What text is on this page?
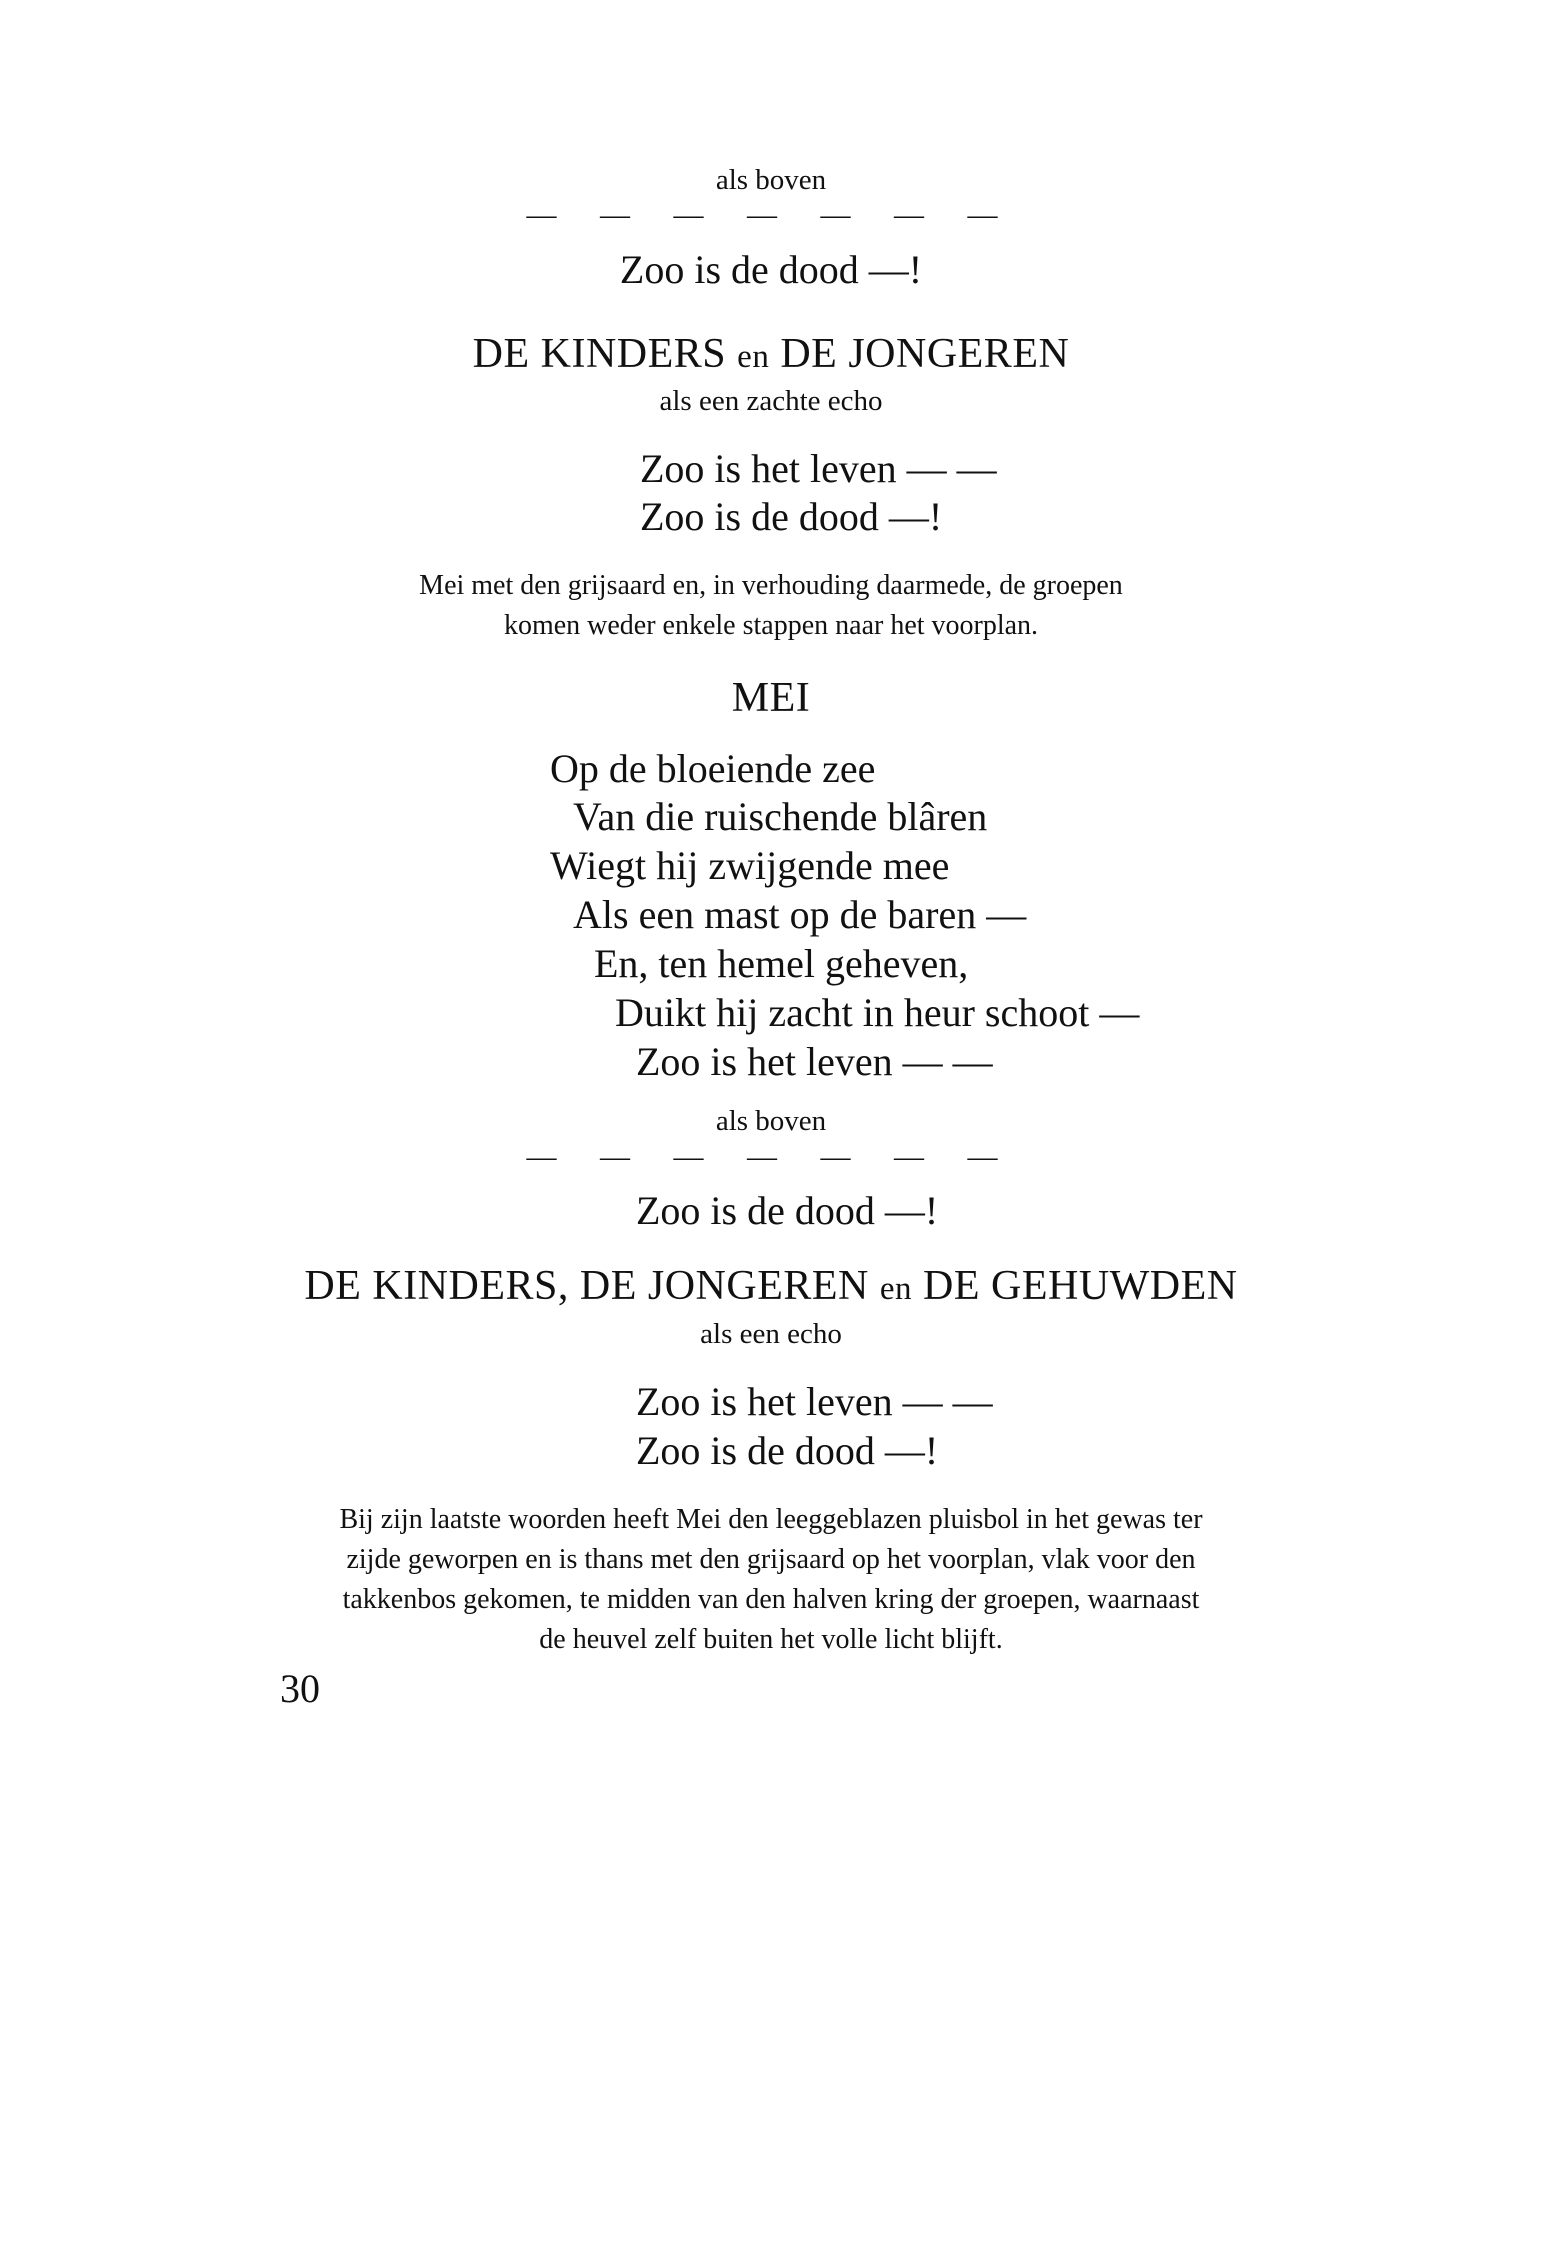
als boven
— — — — — — —
Zoo is de dood —!
DE KINDERS en DE JONGEREN
als een zachte echo
Zoo is het leven — —
Zoo is de dood —!
Mei met den grijsaard en, in verhouding daarmede, de groepen
komen weder enkele stappen naar het voorplan.
MEI
Op de bloeiende zee
Van die ruischende blâren
Wiegt hij zwijgende mee
Als een mast op de baren —
En, ten hemel geheven,
Duikt hij zacht in heur schoot —
Zoo is het leven — —
als boven
— — — — — — —
Zoo is de dood —!
DE KINDERS, DE JONGEREN en DE GEHUWDEN
als een echo
Zoo is het leven — —
Zoo is de dood —!
Bij zijn laatste woorden heeft Mei den leeggeblazen pluisbol in het gewas ter
zijde geworpen en is thans met den grijsaard op het voorplan, vlak voor den
takkenbos gekomen, te midden van den halven kring der groepen, waarnaast
de heuvel zelf buiten het volle licht blijft.
30
